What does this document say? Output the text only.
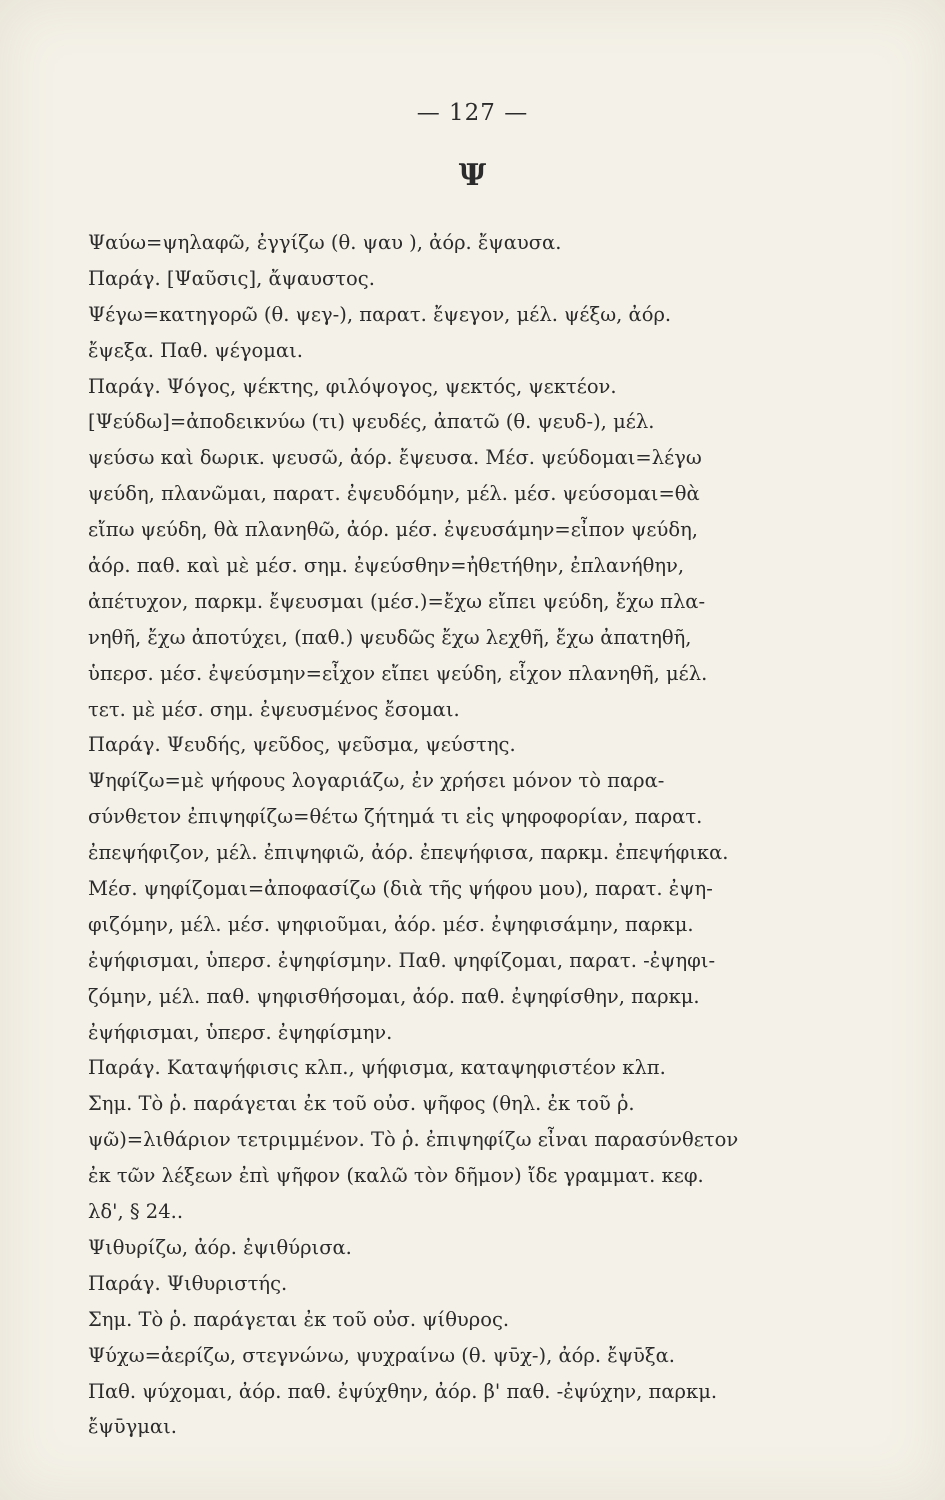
— 127 —
Ψ
Ψαύω=ψηλαφῶ, ἐγγίζω (θ. ψαυ ), ἀόρ. ἔψαυσα.
Παράγ. [Ψαῦσις], ἄψαυστος.
Ψέγω=κατηγορῶ (θ. ψεγ-), παρατ. ἔψεγον, μέλ. ψέξω, ἀόρ.
ἔψεξα. Παθ. ψέγομαι.
Παράγ. Ψόγος, ψέκτης, φιλόψογος, ψεκτός, ψεκτέον.
[Ψεύδω]=ἀποδεικνύω (τι) ψευδές, ἀπατῶ (θ. ψευδ-), μέλ.
ψεύσω καὶ δωρικ. ψευσῶ, ἀόρ. ἔψευσα. Μέσ. ψεύδομαι=λέγω
ψεύδη, πλανῶμαι, παρατ. ἐψευδόμην, μέλ. μέσ. ψεύσομαι=θὰ
εἴπω ψεύδη, θὰ πλανηθῶ, ἀόρ. μέσ. ἐψευσάμην=εἶπον ψεύδη,
ἀόρ. παθ. καὶ μὲ μέσ. σημ. ἐψεύσθην=ἠθετήθην, ἐπλανήθην,
ἀπέτυχον, παρκμ. ἔψευσμαι (μέσ.)=ἔχω εἴπει ψεύδη, ἔχω πλα-
νηθῆ, ἔχω ἀποτύχει, (παθ.) ψευδῶς ἔχω λεχθῆ, ἔχω ἀπατηθῆ,
ὑπερσ. μέσ. ἐψεύσμην=εἶχον εἴπει ψεύδη, εἶχον πλανηθῆ, μέλ.
τετ. μὲ μέσ. σημ. ἐψευσμένος ἔσομαι.
Παράγ. Ψευδής, ψεῦδος, ψεῦσμα, ψεύστης.
Ψηφίζω=μὲ ψήφους λογαριάζω, ἐν χρήσει μόνον τὸ παρα-
σύνθετον ἐπιψηφίζω=θέτω ζήτημά τι εἰς ψηφοφορίαν, παρατ.
ἐπεψήφιζον, μέλ. ἐπιψηφιῶ, ἀόρ. ἐπεψήφισα, παρκμ. ἐπεψήφικα.
Μέσ. ψηφίζομαι=ἀποφασίζω (διὰ τῆς ψήφου μου), παρατ. ἐψη-
φιζόμην, μέλ. μέσ. ψηφιοῦμαι, ἀόρ. μέσ. ἐψηφισάμην, παρκμ.
ἐψήφισμαι, ὑπερσ. ἐψηφίσμην. Παθ. ψηφίζομαι, παρατ. -ἐψηφι-
ζόμην, μέλ. παθ. ψηφισθήσομαι, ἀόρ. παθ. ἐψηφίσθην, παρκμ.
ἐψήφισμαι, ὑπερσ. ἐψηφίσμην.
Παράγ. Καταψήφισις κλπ., ψήφισμα, καταψηφιστέον κλπ.
Σημ. Τὸ ῥ. παράγεται ἐκ τοῦ οὐσ. ψῆφος (θηλ. ἐκ τοῦ ῥ.
ψῶ)=λιθάριον τετριμμένον. Τὸ ῥ. ἐπιψηφίζω εἶναι παρασύνθετον
ἐκ τῶν λέξεων ἐπὶ ψῆφον (καλῶ τὸν δῆμον) ἴδε γραμματ. κεφ.
λδ', § 24..
Ψιθυρίζω, ἀόρ. ἐψιθύρισα.
Παράγ. Ψιθυριστής.
Σημ. Τὸ ῥ. παράγεται ἐκ τοῦ οὐσ. ψίθυρος.
Ψύχω=ἀερίζω, στεγνώνω, ψυχραίνω (θ. ψῡχ-), ἀόρ. ἔψῡξα.
Παθ. ψύχομαι, ἀόρ. παθ. ἐψύχθην, ἀόρ. β' παθ. -ἐψύχην, παρκμ.
ἔψῡγμαι.
